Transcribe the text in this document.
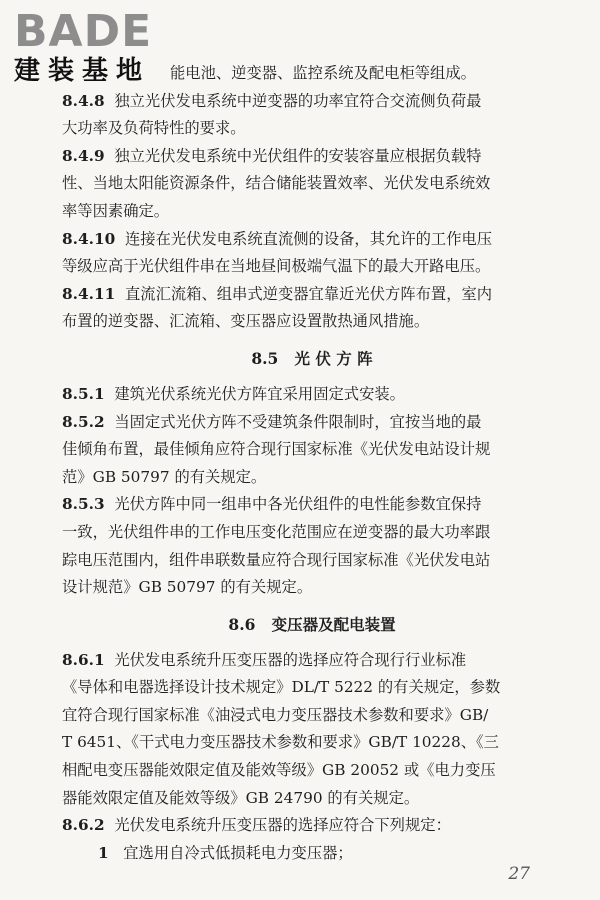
BADE
建装基地	能电池、逆变器、监控系统及配电柜等组成。
8.4.8 独立光伏发电系统中逆变器的功率宜符合交流侧负荷最
大功率及负荷特性的要求。
8.4.9 独立光伏发电系统中光伏组件的安装容量应根据负载特
性、当地太阳能资源条件，结合储能装置效率、光伏发电系统效
率等因素确定。
8.4.10 连接在光伏发电系统直流侧的设备，其允许的工作电压
等级应高于光伏组件串在当地昼间极端气温下的最大开路电压。
8.4.11 直流汇流箱、组串式逆变器宜靠近光伏方阵布置，室内
布置的逆变器、汇流箱、变压器应设置散热通风措施。
8.5 光 伏 方 阵
8.5.1 建筑光伏系统光伏方阵宜采用固定式安装。
8.5.2 当固定式光伏方阵不受建筑条件限制时，宜按当地的最
佳倾角布置，最佳倾角应符合现行国家标准《光伏发电站设计规
范》GB 50797 的有关规定。
8.5.3 光伏方阵中同一组串中各光伏组件的电性能参数宜保持
一致，光伏组件串的工作电压变化范围应在逆变器的最大功率跟
踪电压范围内，组件串联数量应符合现行国家标准《光伏发电站
设计规范》GB 50797 的有关规定。
8.6 变压器及配电装置
8.6.1 光伏发电系统升压变压器的选择应符合现行行业标准
《导体和电器选择设计技术规定》DL/T 5222 的有关规定，参数
宜符合现行国家标准《油浸式电力变压器技术参数和要求》GB/
T 6451、《干式电力变压器技术参数和要求》GB/T 10228、《三
相配电变压器能效限定值及能效等级》GB 20052 或《电力变压
器能效限定值及能效等级》GB 24790 的有关规定。
8.6.2 光伏发电系统升压变压器的选择应符合下列规定：
1 宜选用自冷式低损耗电力变压器；
27
